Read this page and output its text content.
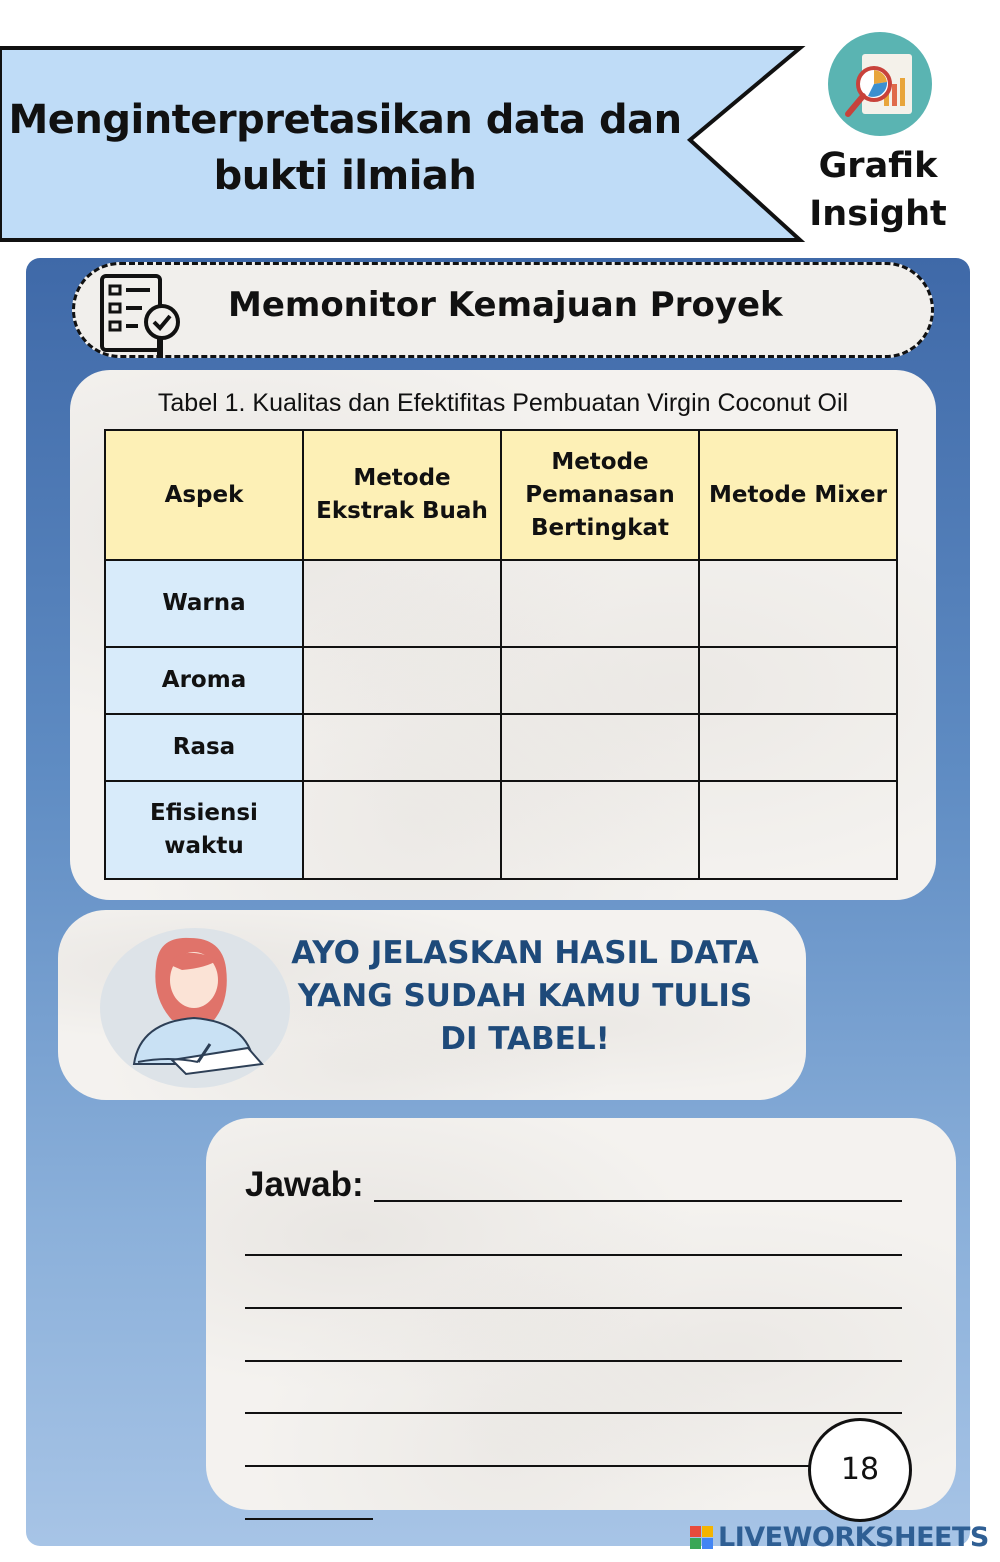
Menginterpretasikan data dan
bukti ilmiah	Grafik
Insight
Memonitor Kemajuan Proyek
Tabel 1. Kualitas dan Efektifitas Pembuatan Virgin Coconut Oil
Aspek	Metode Ekstrak Buah	Metode Pemanasan Bertingkat	Metode Mixer
Warna			
Aroma			
Rasa			
Efisiensi waktu			
AYO JELASKAN HASIL DATA
YANG SUDAH KAMU TULIS
DI TABEL!
Jawab:
18
LIVEWORKSHEETS
